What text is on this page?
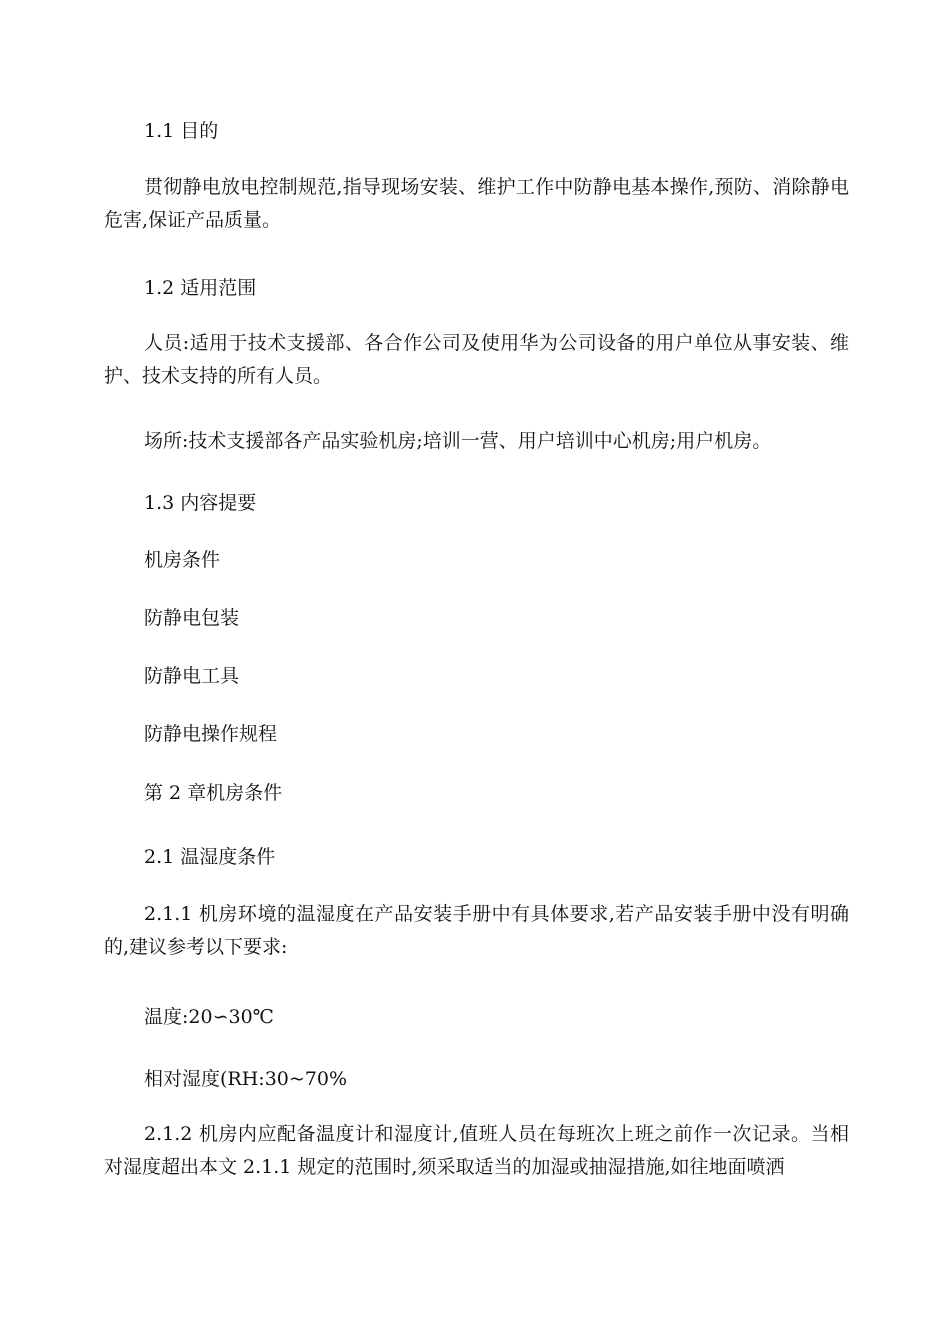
1.1 目的

贯彻静电放电控制规范,指导现场安装、维护工作中防静电基本操作,预防、消除静电危害,保证产品质量。

1.2 适用范围

人员:适用于技术支援部、各合作公司及使用华为公司设备的用户单位从事安装、维护、技术支持的所有人员。

场所:技术支援部各产品实验机房;培训一营、用户培训中心机房;用户机房。

1.3 内容提要

机房条件

防静电包装

防静电工具

防静电操作规程

第 2 章机房条件

2.1 温湿度条件

2.1.1 机房环境的温湿度在产品安装手册中有具体要求,若产品安装手册中没有明确的,建议参考以下要求:

温度:20∽30℃

相对湿度(RH:30~70%

2.1.2 机房内应配备温度计和湿度计,值班人员在每班次上班之前作一次记录。当相对湿度超出本文 2.1.1 规定的范围时,须采取适当的加湿或抽湿措施,如往地面喷洒
